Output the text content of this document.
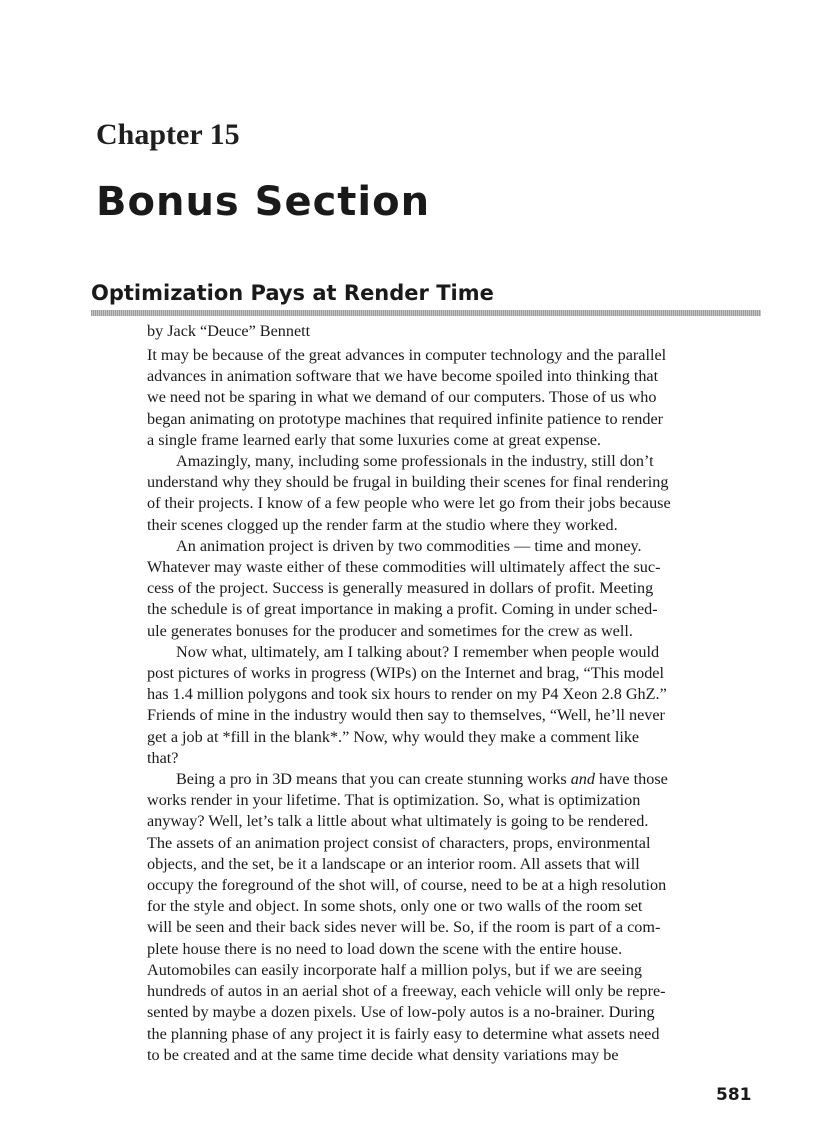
Chapter 15
Bonus Section
Optimization Pays at Render Time

by Jack “Deuce” Bennett

It may be because of the great advances in computer technology and the parallel
advances in animation software that we have become spoiled into thinking that
we need not be sparing in what we demand of our computers. Those of us who
began animating on prototype machines that required infinite patience to render
a single frame learned early that some luxuries come at great expense.

Amazingly, many, including some professionals in the industry, still don’t
understand why they should be frugal in building their scenes for final rendering
of their projects. I know of a few people who were let go from their jobs because
their scenes clogged up the render farm at the studio where they worked.

An animation project is driven by two commodities — time and money.
Whatever may waste either of these commodities will ultimately affect the suc-
cess of the project. Success is generally measured in dollars of profit. Meeting
the schedule is of great importance in making a profit. Coming in under sched-
ule generates bonuses for the producer and sometimes for the crew as well.

Now what, ultimately, am I talking about? I remember when people would
post pictures of works in progress (WIPs) on the Internet and brag, “This model
has 1.4 million polygons and took six hours to render on my P4 Xeon 2.8 GhZ.”
Friends of mine in the industry would then say to themselves, “Well, he’ll never
get a job at *fill in the blank*.” Now, why would they make a comment like
that?

Being a pro in 3D means that you can create stunning works and have those
works render in your lifetime. That is optimization. So, what is optimization
anyway? Well, let’s talk a little about what ultimately is going to be rendered.
The assets of an animation project consist of characters, props, environmental
objects, and the set, be it a landscape or an interior room. All assets that will
occupy the foreground of the shot will, of course, need to be at a high resolution
for the style and object. In some shots, only one or two walls of the room set
will be seen and their back sides never will be. So, if the room is part of a com-
plete house there is no need to load down the scene with the entire house.
Automobiles can easily incorporate half a million polys, but if we are seeing
hundreds of autos in an aerial shot of a freeway, each vehicle will only be repre-
sented by maybe a dozen pixels. Use of low-poly autos is a no-brainer. During
the planning phase of any project it is fairly easy to determine what assets need
to be created and at the same time decide what density variations may be

581
